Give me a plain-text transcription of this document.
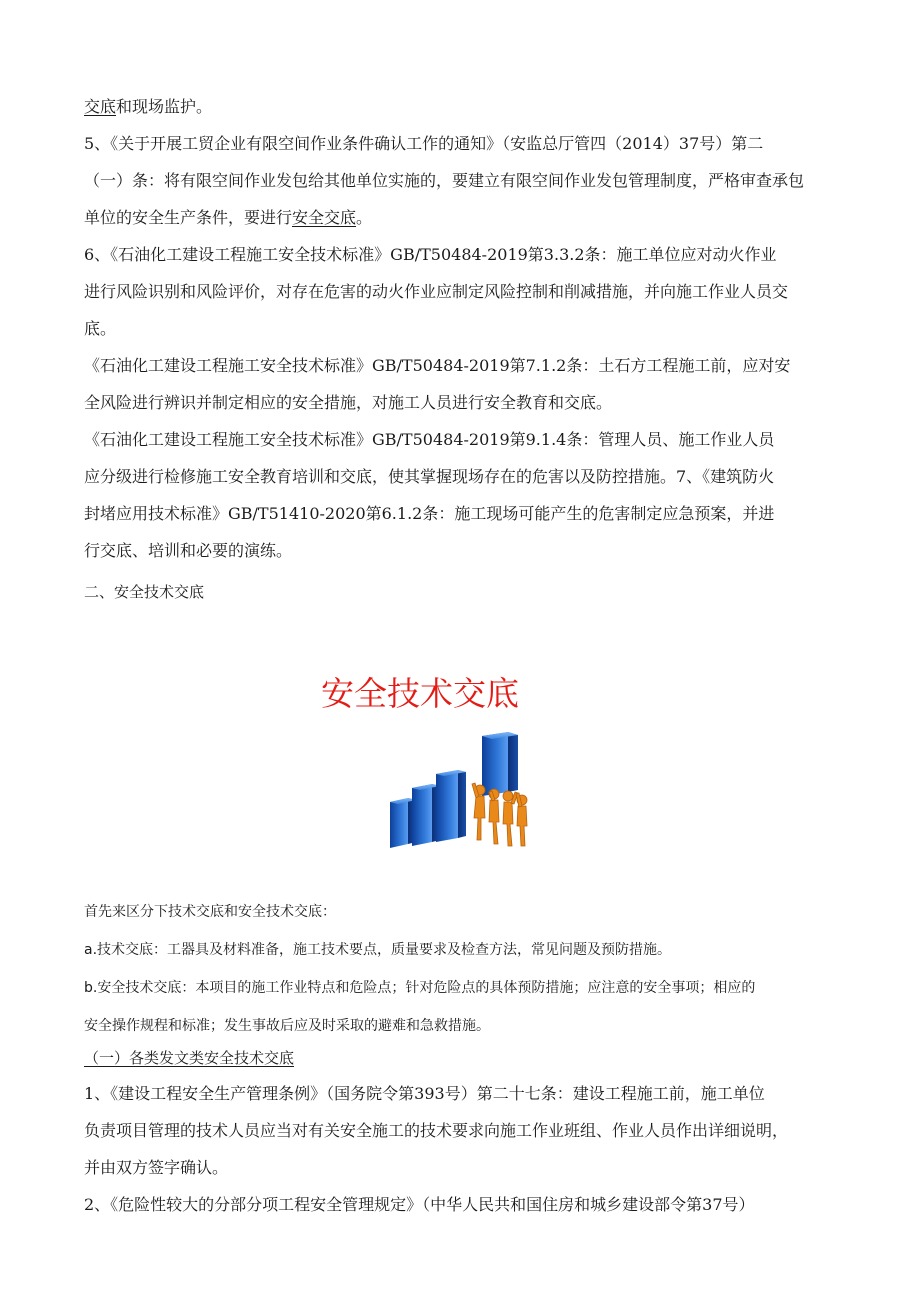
交底和现场监护。
5、《关于开展工贸企业有限空间作业条件确认工作的通知》（安监总厅管四（2014）37号）第二
（一）条：将有限空间作业发包给其他单位实施的，要建立有限空间作业发包管理制度，严格审查承包
单位的安全生产条件，要进行安全交底。
6、《石油化工建设工程施工安全技术标准》GB/T50484-2019第3.3.2条：施工单位应对动火作业
进行风险识别和风险评价，对存在危害的动火作业应制定风险控制和削减措施，并向施工作业人员交
底。
《石油化工建设工程施工安全技术标准》GB/T50484-2019第7.1.2条：土石方工程施工前，应对安
全风险进行辨识并制定相应的安全措施，对施工人员进行安全教育和交底。
《石油化工建设工程施工安全技术标准》GB/T50484-2019第9.1.4条：管理人员、施工作业人员
应分级进行检修施工安全教育培训和交底，使其掌握现场存在的危害以及防控措施。7、《建筑防火
封堵应用技术标准》GB/T51410-2020第6.1.2条：施工现场可能产生的危害制定应急预案，并进
行交底、培训和必要的演练。

二、安全技术交底

安全技术交底

首先来区分下技术交底和安全技术交底：

a.技术交底：工器具及材料准备，施工技术要点，质量要求及检查方法，常见问题及预防措施。

b.安全技术交底：本项目的施工作业特点和危险点；针对危险点的具体预防措施；应注意的安全事项；相应的

安全操作规程和标准；发生事故后应及时采取的避难和急救措施。

（一）各类发文类安全技术交底

1、《建设工程安全生产管理条例》（国务院令第393号）第二十七条：建设工程施工前，施工单位
负责项目管理的技术人员应当对有关安全施工的技术要求向施工作业班组、作业人员作出详细说明，
并由双方签字确认。
2、《危险性较大的分部分项工程安全管理规定》（中华人民共和国住房和城乡建设部令第37号）
